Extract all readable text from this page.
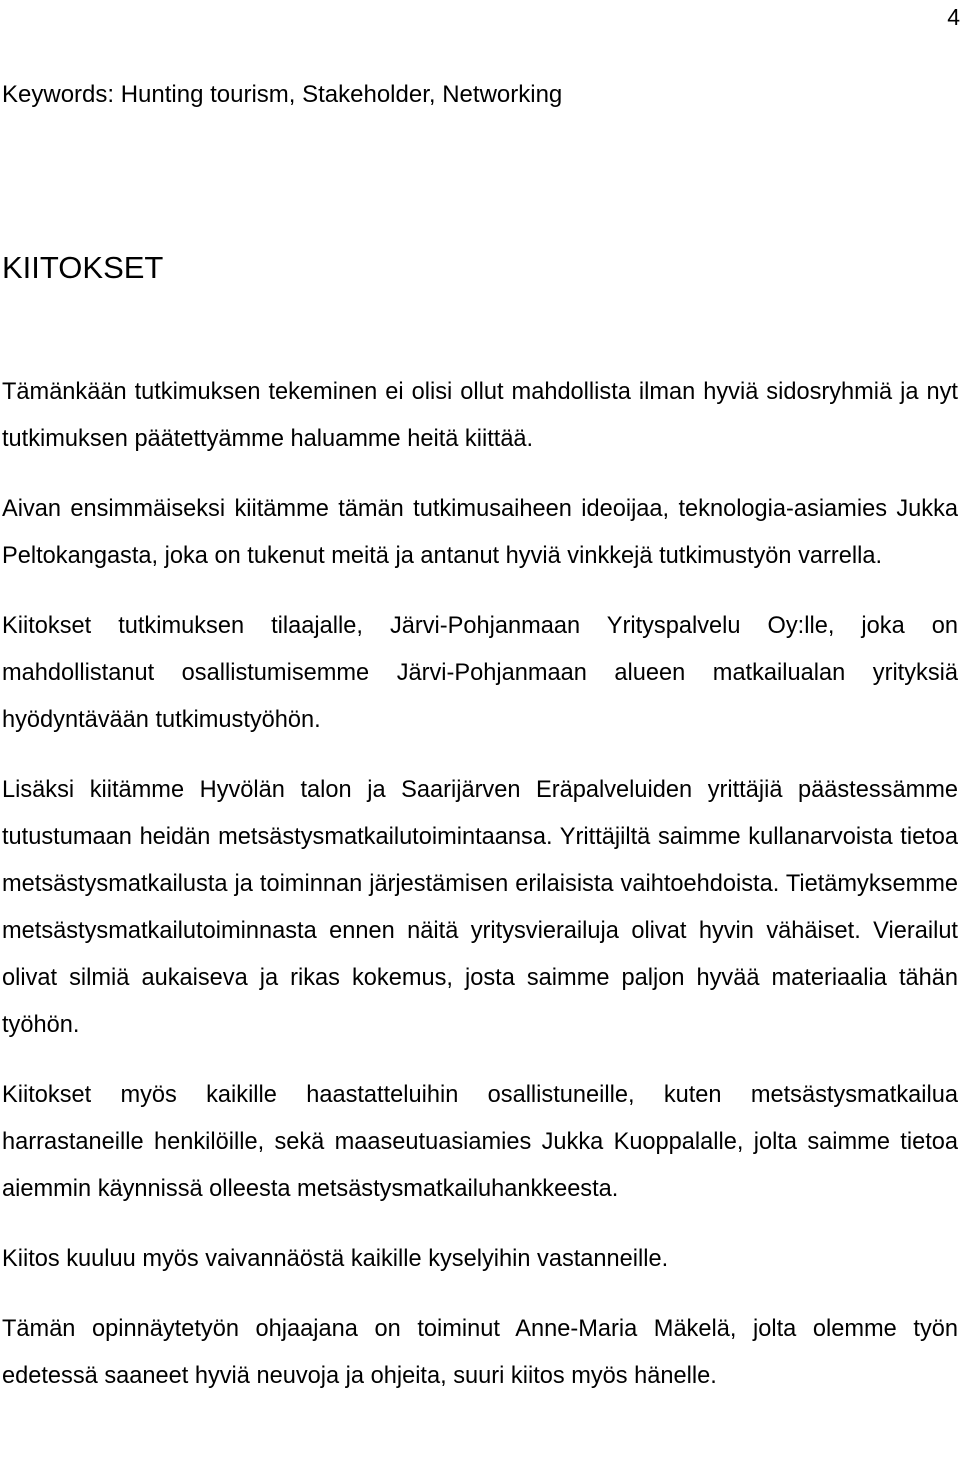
4
Keywords: Hunting tourism, Stakeholder, Networking
KIITOKSET

Tämänkään tutkimuksen tekeminen ei olisi ollut mahdollista ilman hyviä sidosryhmiä ja nyt tutkimuksen päätettyämme haluamme heitä kiittää.

Aivan ensimmäiseksi kiitämme tämän tutkimusaiheen ideoijaa, teknologia-asiamies Jukka Peltokangasta, joka on tukenut meitä ja antanut hyviä vinkkejä tutkimustyön varrella.

Kiitokset tutkimuksen tilaajalle, Järvi-Pohjanmaan Yrityspalvelu Oy:lle, joka on mahdollistanut osallistumisemme Järvi-Pohjanmaan alueen matkailualan yrityksiä hyödyntävään tutkimustyöhön.

Lisäksi kiitämme Hyvölän talon ja Saarijärven Eräpalveluiden yrittäjiä päästessämme tutustumaan heidän metsästysmatkailutoimintaansa. Yrittäjiltä saimme kullanarvoista tietoa metsästysmatkailusta ja toiminnan järjestämisen erilaisista vaihtoehdoista. Tietämyksemme metsästysmatkailutoiminnasta ennen näitä yritysvierailuja olivat hyvin vähäiset. Vierailut olivat silmiä aukaiseva ja rikas kokemus, josta saimme paljon hyvää materiaalia tähän työhön.

Kiitokset myös kaikille haastatteluihin osallistuneille, kuten metsästysmatkailua harrastaneille henkilöille, sekä maaseutuasiamies Jukka Kuoppalalle, jolta saimme tietoa aiemmin käynnissä olleesta metsästysmatkailuhankkeesta.

Kiitos kuuluu myös vaivannäöstä kaikille kyselyihin vastanneille.

Tämän opinnäytetyön ohjaajana on toiminut Anne-Maria Mäkelä, jolta olemme työn edetessä saaneet hyviä neuvoja ja ohjeita, suuri kiitos myös hänelle.
